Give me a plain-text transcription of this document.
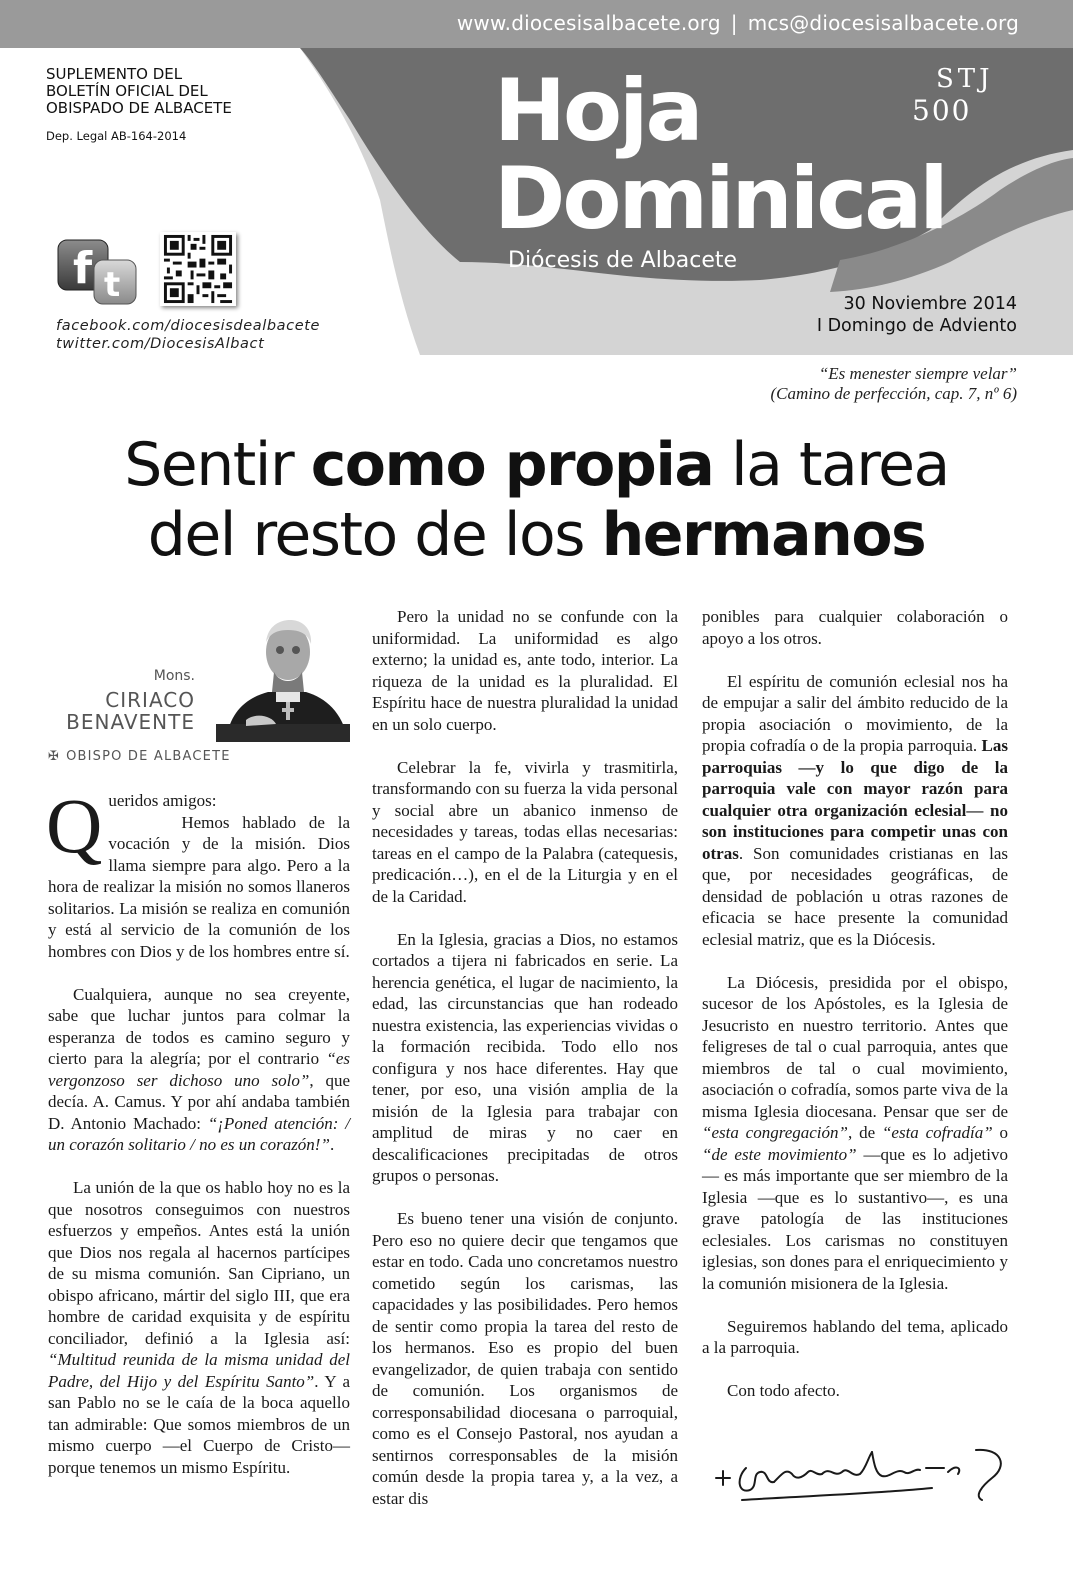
www.diocesisalbacete.org | mcs@diocesisalbacete.org
SUPLEMENTO DEL
BOLETÍN OFICIAL DEL
OBISPADO DE ALBACETE
Dep. Legal AB-164-2014
f t
facebook.com/diocesisdealbacete
twitter.com/DiocesisAlbact
Hoja
Dominical
Diócesis de Albacete
STJ
500
30 Noviembre 2014
I Domingo de Adviento
“Es menester siempre velar”
(Camino de perfección, cap. 7, nº 6)
Sentir como propia la tarea
del resto de los hermanos
Mons.
CIRIACO
BENAVENTE
✠ OBISPO DE ALBACETE

Queridos amigos:
Hemos hablado de la vocación y de la misión. Dios llama siempre para algo. Pero a la hora de realizar la misión no somos llaneros solitarios. La misión se realiza en comunión y está al servicio de la comunión de los hombres con Dios y de los hombres entre sí.

Cualquiera, aunque no sea creyente, sabe que luchar juntos para colmar la esperanza de todos es camino seguro y cierto para la alegría; por el contrario “es vergonzoso ser dichoso uno solo”, que decía. A. Camus. Y por ahí andaba también D. Antonio Machado: “¡Poned atención: / un corazón solitario / no es un corazón!”.

La unión de la que os hablo hoy no es la que nosotros conseguimos con nuestros esfuerzos y empeños. Antes está la unión que Dios nos regala al hacernos partícipes de su misma comunión. San Cipriano, un obispo africano, mártir del siglo III, que era hombre de caridad exquisita y de espíritu conciliador, definió a la Iglesia así: “Multitud reunida de la misma unidad del Padre, del Hijo y del Espíritu Santo”. Y a san Pablo no se le caía de la boca aquello tan admirable: Que somos miembros de un mismo cuerpo —el Cuerpo de Cristo— porque tenemos un mismo Espíritu.

Pero la unidad no se confunde con la uniformidad. La uniformidad es algo externo; la unidad es, ante todo, interior. La riqueza de la unidad es la pluralidad. El Espíritu hace de nuestra pluralidad la unidad en un solo cuerpo.

Celebrar la fe, vivirla y trasmitirla, transformando con su fuerza la vida personal y social abre un abanico inmenso de necesidades y tareas, todas ellas necesarias: tareas en el campo de la Palabra (catequesis, predicación…), en el de la Liturgia y en el de la Caridad.

En la Iglesia, gracias a Dios, no estamos cortados a tijera ni fabricados en serie. La herencia genética, el lugar de nacimiento, la edad, las circunstancias que han rodeado nuestra existencia, las experiencias vividas o la formación recibida. Todo ello nos configura y nos hace diferentes. Hay que tener, por eso, una visión amplia de la misión de la Iglesia para trabajar con amplitud de miras y no caer en descalificaciones precipitadas de otros grupos o personas.

Es bueno tener una visión de conjunto. Pero eso no quiere decir que tengamos que estar en todo. Cada uno concretamos nuestro cometido según los carismas, las capacidades y las posibilidades. Pero hemos de sentir como propia la tarea del resto de los hermanos. Eso es propio del buen evangelizador, de quien trabaja con sentido de comunión. Los organismos de corresponsabilidad diocesana o parroquial, como es el Consejo Pastoral, nos ayudan a sentirnos corresponsables de la misión común desde la propia tarea y, a la vez, a estar dis

ponibles para cualquier colaboración o apoyo a los otros.

El espíritu de comunión eclesial nos ha de empujar a salir del ámbito reducido de la propia asociación o movimiento, de la propia cofradía o de la propia parroquia. Las parroquias —y lo que digo de la parroquia vale con mayor razón para cualquier otra organización eclesial— no son instituciones para competir unas con otras. Son comunidades cristianas en las que, por necesidades geográficas, de densidad de población u otras razones de eficacia se hace presente la comunidad eclesial matriz, que es la Diócesis.

La Diócesis, presidida por el obispo, sucesor de los Apóstoles, es la Iglesia de Jesucristo en nuestro territorio. Antes que feligreses de tal o cual parroquia, antes que miembros de tal o cual movimiento, asociación o cofradía, somos parte viva de la misma Iglesia diocesana. Pensar que ser de “esta congregación”, de “esta cofradía” o “de este movimiento” —que es lo adjetivo— es más importante que ser miembro de la Iglesia —que es lo sustantivo—, es una grave patología de las instituciones eclesiales. Los carismas no constituyen iglesias, son dones para el enriquecimiento y la comunión misionera de la Iglesia.

Seguiremos hablando del tema, aplicado a la parroquia.

Con todo afecto.
